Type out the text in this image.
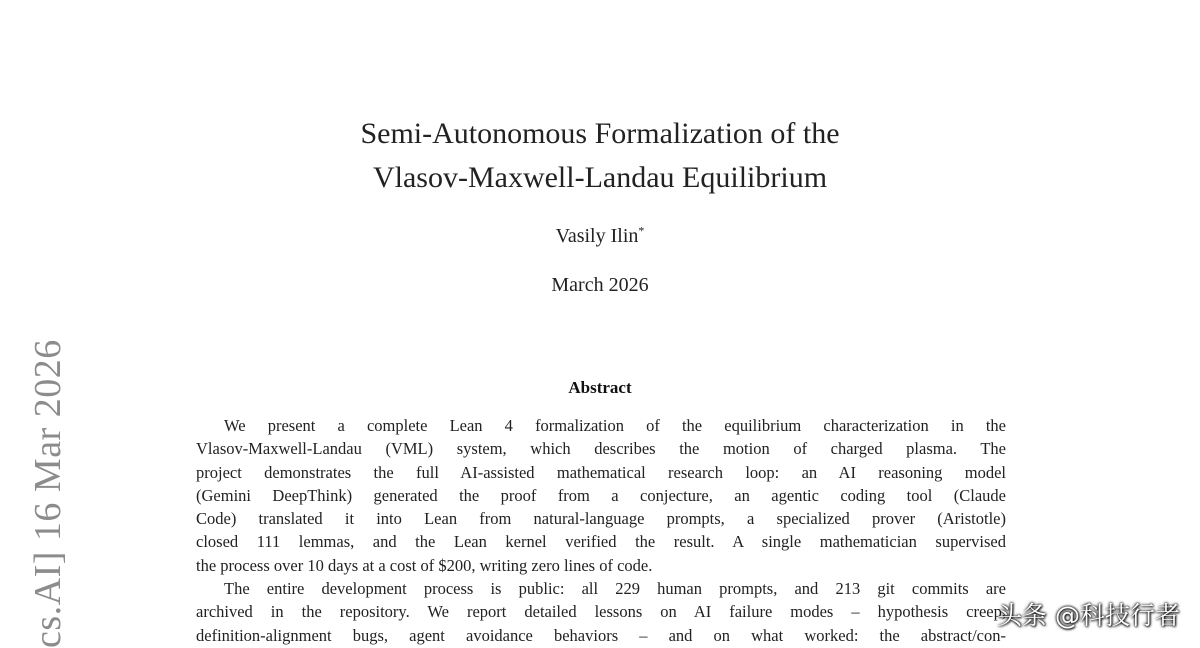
cs.AI] 16 Mar 2026
Semi-Autonomous Formalization of the
Vlasov-Maxwell-Landau Equilibrium
Vasily Ilin*
March 2026
Abstract
We present a complete Lean 4 formalization of the equilibrium characterization in the
Vlasov-Maxwell-Landau (VML) system, which describes the motion of charged plasma. The
project demonstrates the full AI-assisted mathematical research loop: an AI reasoning model
(Gemini DeepThink) generated the proof from a conjecture, an agentic coding tool (Claude
Code) translated it into Lean from natural-language prompts, a specialized prover (Aristotle)
closed 111 lemmas, and the Lean kernel verified the result. A single mathematician supervised
the process over 10 days at a cost of $200, writing zero lines of code.
The entire development process is public: all 229 human prompts, and 213 git commits are
archived in the repository. We report detailed lessons on AI failure modes – hypothesis creep,
definition-alignment bugs, agent avoidance behaviors – and on what worked: the abstract/con-
头条 @科技行者
